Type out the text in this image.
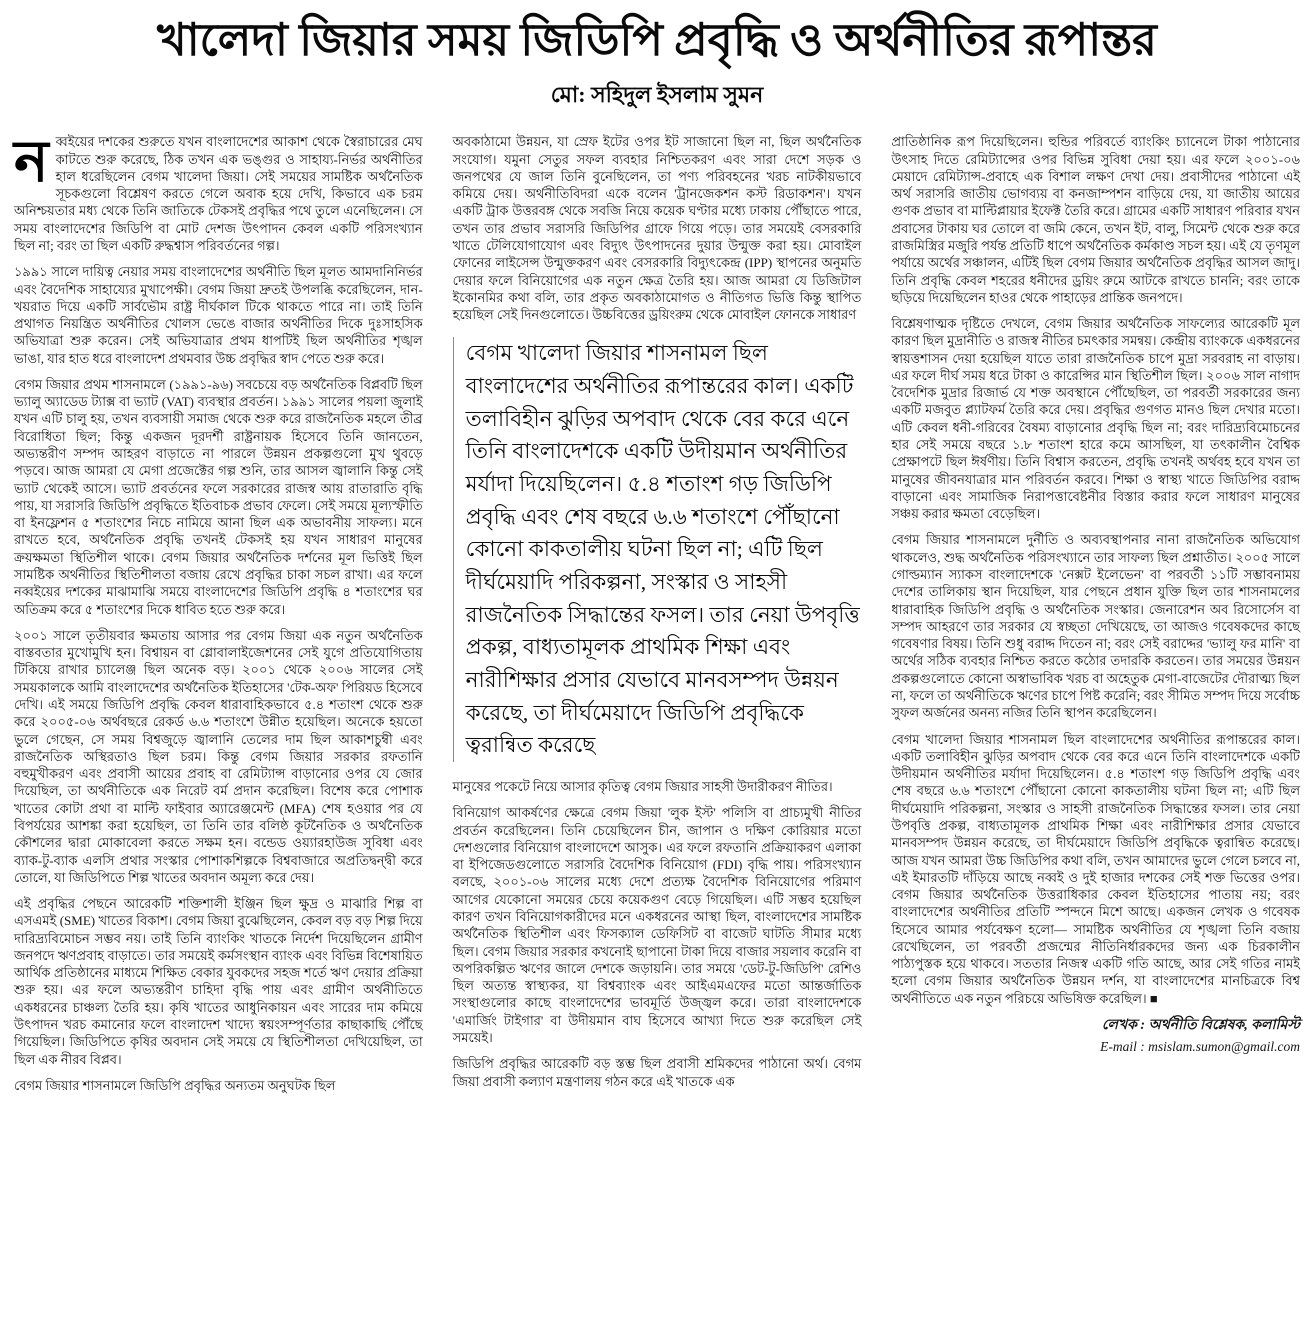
খালেদা জিয়ার সময় জিডিপি প্রবৃদ্ধি ও অর্থনীতির রূপান্তর
মো: সহিদুল ইসলাম সুমন

নব্বইয়ের দশকের শুরুতে যখন বাংলাদেশের আকাশ থেকে স্বৈরাচারের মেঘ কাটতে শুরু করেছে, ঠিক তখন এক ভঙ্গুর ও সাহায্য-নির্ভর অর্থনীতির হাল ধরেছিলেন বেগম খালেদা জিয়া। সেই সময়ের সামষ্টিক অর্থনৈতিক সূচকগুলো বিশ্লেষণ করতে গেলে অবাক হয়ে দেখি, কিভাবে এক চরম অনিশ্চয়তার মধ্য থেকে তিনি জাতিকে টেকসই প্রবৃদ্ধির পথে তুলে এনেছিলেন। সে সময় বাংলাদেশের জিডিপি বা মোট দেশজ উৎপাদন কেবল একটি পরিসংখ্যান ছিল না; বরং তা ছিল একটি রুদ্ধশ্বাস পরিবর্তনের গল্প।

১৯৯১ সালে দায়িত্ব নেয়ার সময় বাংলাদেশের অর্থনীতি ছিল মূলত আমদানিনির্ভর এবং বৈদেশিক সাহায্যের মুখাপেক্ষী। বেগম জিয়া দ্রুতই উপলব্ধি করেছিলেন, দান-খয়রাত দিয়ে একটি সার্বভৌম রাষ্ট্র দীর্ঘকাল টিকে থাকতে পারে না। তাই তিনি প্রথাগত নিয়ন্ত্রিত অর্থনীতির খোলস ভেঙে বাজার অর্থনীতির দিকে দুঃসাহসিক অভিযাত্রা শুরু করেন। সেই অভিযাত্রার প্রথম ধাপটিই ছিল অর্থনীতির শৃঙ্খল ভাঙা, যার হাত ধরে বাংলাদেশ প্রথমবার উচ্চ প্রবৃদ্ধির স্বাদ পেতে শুরু করে।

বেগম জিয়ার প্রথম শাসনামলে (১৯৯১-৯৬) সবচেয়ে বড় অর্থনৈতিক বিপ্লবটি ছিল ভ্যালু অ্যাডেড ট্যাক্স বা ভ্যাট (VAT) ব্যবস্থার প্রবর্তন। ১৯৯১ সালের পয়লা জুলাই যখন এটি চালু হয়, তখন ব্যবসায়ী সমাজ থেকে শুরু করে রাজনৈতিক মহলে তীব্র বিরোধিতা ছিল; কিন্তু একজন দূরদর্শী রাষ্ট্রনায়ক হিসেবে তিনি জানতেন, অভ্যন্তরীণ সম্পদ আহরণ বাড়াতে না পারলে উন্নয়ন প্রকল্পগুলো মুখ থুবড়ে পড়বে। আজ আমরা যে মেগা প্রজেক্টের গল্প শুনি, তার আসল জ্বালানি কিন্তু সেই ভ্যাট থেকেই আসে। ভ্যাট প্রবর্তনের ফলে সরকারের রাজস্ব আয় রাতারাতি বৃদ্ধি পায়, যা সরাসরি জিডিপি প্রবৃদ্ধিতে ইতিবাচক প্রভাব ফেলে। সেই সময়ে মূল্যস্ফীতি বা ইনফ্লেশন ৫ শতাংশের নিচে নামিয়ে আনা ছিল এক অভাবনীয় সাফল্য। মনে রাখতে হবে, অর্থনৈতিক প্রবৃদ্ধি তখনই টেকসই হয় যখন সাধারণ মানুষের ক্রয়ক্ষমতা স্থিতিশীল থাকে। বেগম জিয়ার অর্থনৈতিক দর্শনের মূল ভিত্তিই ছিল সামষ্টিক অর্থনীতির স্থিতিশীলতা বজায় রেখে প্রবৃদ্ধির চাকা সচল রাখা। এর ফলে নব্বইয়ের দশকের মাঝামাঝি সময়ে বাংলাদেশের জিডিপি প্রবৃদ্ধি ৪ শতাংশের ঘর অতিক্রম করে ৫ শতাংশের দিকে ধাবিত হতে শুরু করে।

২০০১ সালে তৃতীয়বার ক্ষমতায় আসার পর বেগম জিয়া এক নতুন অর্থনৈতিক বাস্তবতার মুখোমুখি হন। বিশ্বায়ন বা গ্লোবালাইজেশনের সেই যুগে প্রতিযোগিতায় টিকিয়ে রাখার চ্যালেঞ্জ ছিল অনেক বড়। ২০০১ থেকে ২০০৬ সালের সেই সময়কালকে আমি বাংলাদেশের অর্থনৈতিক ইতিহাসের 'টেক-অফ' পিরিয়ড হিসেবে দেখি। এই সময়ে জিডিপি প্রবৃদ্ধি কেবল ধারাবাহিকভাবে ৫.৪ শতাংশ থেকে শুরু করে ২০০৫-০৬ অর্থবছরে রেকর্ড ৬.৬ শতাংশে উন্নীত হয়েছিল। অনেকে হয়তো ভুলে গেছেন, সে সময় বিশ্বজুড়ে জ্বালানি তেলের দাম ছিল আকাশচুম্বী এবং রাজনৈতিক অস্থিরতাও ছিল চরম। কিন্তু বেগম জিয়ার সরকার রফতানি বহুমুখীকরণ এবং প্রবাসী আয়ের প্রবাহ বা রেমিট্যান্স বাড়ানোর ওপর যে জোর দিয়েছিল, তা অর্থনীতিকে এক নিরেট বর্ম প্রদান করেছিল। বিশেষ করে পোশাক খাতের কোটা প্রথা বা মাল্টি ফাইবার অ্যারেঞ্জমেন্ট (MFA) শেষ হওয়ার পর যে বিপর্যয়ের আশঙ্কা করা হয়েছিল, তা তিনি তার বলিষ্ঠ কূটনৈতিক ও অর্থনৈতিক কৌশলের দ্বারা মোকাবেলা করতে সক্ষম হন। বন্ডেড ওয়্যারহাউজ সুবিধা এবং ব্যাক-টু-ব্যাক এলসি প্রথার সংস্কার পোশাকশিল্পকে বিশ্ববাজারে অপ্রতিদ্বন্দ্বী করে তোলে, যা জিডিপিতে শিল্প খাতের অবদান অমূল্য করে দেয়।

এই প্রবৃদ্ধির পেছনে আরেকটি শক্তিশালী ইঞ্জিন ছিল ক্ষুদ্র ও মাঝারি শিল্প বা এসএমই (SME) খাতের বিকাশ। বেগম জিয়া বুঝেছিলেন, কেবল বড় বড় শিল্প দিয়ে দারিদ্র্যবিমোচন সম্ভব নয়। তাই তিনি ব্যাংকিং খাতকে নির্দেশ দিয়েছিলেন গ্রামীণ জনপদে ঋণপ্রবাহ বাড়াতে। তার সময়েই কর্মসংস্থান ব্যাংক এবং বিভিন্ন বিশেষায়িত আর্থিক প্রতিষ্ঠানের মাধ্যমে শিক্ষিত বেকার যুবকদের সহজ শর্তে ঋণ দেয়ার প্রক্রিয়া শুরু হয়। এর ফলে অভ্যন্তরীণ চাহিদা বৃদ্ধি পায় এবং গ্রামীণ অর্থনীতিতে একধরনের চাঞ্চল্য তৈরি হয়। কৃষি খাতের আধুনিকায়ন এবং সারের দাম কমিয়ে উৎপাদন খরচ কমানোর ফলে বাংলাদেশ খাদ্যে স্বয়ংসম্পূর্ণতার কাছাকাছি পৌঁছে গিয়েছিল। জিডিপিতে কৃষির অবদান সেই সময়ে যে স্থিতিশীলতা দেখিয়েছিল, তা ছিল এক নীরব বিপ্লব।

বেগম জিয়ার শাসনামলে জিডিপি প্রবৃদ্ধির অন্যতম অনুঘটক ছিল

অবকাঠামো উন্নয়ন, যা স্রেফ ইটের ওপর ইট সাজানো ছিল না, ছিল অর্থনৈতিক সংযোগ। যমুনা সেতুর সফল ব্যবহার নিশ্চিতকরণ এবং সারা দেশে সড়ক ও জনপথের যে জাল তিনি বুনেছিলেন, তা পণ্য পরিবহনের খরচ নাটকীয়ভাবে কমিয়ে দেয়। অর্থনীতিবিদরা একে বলেন 'ট্রানজেকশন কস্ট রিডাকশন'। যখন একটি ট্রাক উত্তরবঙ্গ থেকে সবজি নিয়ে কয়েক ঘণ্টার মধ্যে ঢাকায় পৌঁছাতে পারে, তখন তার প্রভাব সরাসরি জিডিপির গ্রাফে গিয়ে পড়ে। তার সময়েই বেসরকারি খাতে টেলিযোগাযোগ এবং বিদ্যুৎ উৎপাদনের দুয়ার উন্মুক্ত করা হয়। মোবাইল ফোনের লাইসেন্স উন্মুক্তকরণ এবং বেসরকারি বিদ্যুৎকেন্দ্র (IPP) স্থাপনের অনুমতি দেয়ার ফলে বিনিয়োগের এক নতুন ক্ষেত্র তৈরি হয়। আজ আমরা যে ডিজিটাল ইকোনমির কথা বলি, তার প্রকৃত অবকাঠামোগত ও নীতিগত ভিত্তি কিন্তু স্থাপিত হয়েছিল সেই দিনগুলোতে। উচ্চবিত্তের ড্রয়িংরুম থেকে মোবাইল ফোনকে সাধারণ

বেগম খালেদা জিয়ার শাসনামল ছিল বাংলাদেশের অর্থনীতির রূপান্তরের কাল। একটি তলাবিহীন ঝুড়ির অপবাদ থেকে বের করে এনে তিনি বাংলাদেশকে একটি উদীয়মান অর্থনীতির মর্যাদা দিয়েছিলেন। ৫.৪ শতাংশ গড় জিডিপি প্রবৃদ্ধি এবং শেষ বছরে ৬.৬ শতাংশে পৌঁছানো কোনো কাকতালীয় ঘটনা ছিল না; এটি ছিল দীর্ঘমেয়াদি পরিকল্পনা, সংস্কার ও সাহসী রাজনৈতিক সিদ্ধান্তের ফসল। তার নেয়া উপবৃত্তি প্রকল্প, বাধ্যতামূলক প্রাথমিক শিক্ষা এবং নারীশিক্ষার প্রসার যেভাবে মানবসম্পদ উন্নয়ন করেছে, তা দীর্ঘমেয়াদে জিডিপি প্রবৃদ্ধিকে ত্বরান্বিত করেছে

মানুষের পকেটে নিয়ে আসার কৃতিত্ব বেগম জিয়ার সাহসী উদারীকরণ নীতির।

বিনিয়োগ আকর্ষণের ক্ষেত্রে বেগম জিয়া 'লুক ইস্ট' পলিসি বা প্রাচ্যমুখী নীতির প্রবর্তন করেছিলেন। তিনি চেয়েছিলেন চীন, জাপান ও দক্ষিণ কোরিয়ার মতো দেশগুলোর বিনিয়োগ বাংলাদেশে আসুক। এর ফলে রফতানি প্রক্রিয়াকরণ এলাকা বা ইপিজেডগুলোতে সরাসরি বৈদেশিক বিনিয়োগ (FDI) বৃদ্ধি পায়। পরিসংখ্যান বলছে, ২০০১-০৬ সালের মধ্যে দেশে প্রত্যক্ষ বৈদেশিক বিনিয়োগের পরিমাণ আগের যেকোনো সময়ের চেয়ে কয়েকগুণ বেড়ে গিয়েছিল। এটি সম্ভব হয়েছিল কারণ তখন বিনিয়োগকারীদের মনে একধরনের আস্থা ছিল, বাংলাদেশের সামষ্টিক অর্থনৈতিক স্থিতিশীল এবং ফিসক্যাল ডেফিসিট বা বাজেট ঘাটতি সীমার মধ্যে ছিল। বেগম জিয়ার সরকার কখনোই ছাপানো টাকা দিয়ে বাজার সয়লাব করেনি বা অপরিকল্পিত ঋণের জালে দেশকে জড়ায়নি। তার সময়ে 'ডেট-টু-জিডিপি' রেশিও ছিল অত্যন্ত স্বাস্থ্যকর, যা বিশ্বব্যাংক এবং আইএমএফের মতো আন্তর্জাতিক সংস্থাগুলোর কাছে বাংলাদেশের ভাবমূর্তি উজ্জ্বল করে। তারা বাংলাদেশকে 'এমার্জিং টাইগার' বা উদীয়মান বাঘ হিসেবে আখ্যা দিতে শুরু করেছিল সেই সময়েই।

জিডিপি প্রবৃদ্ধির আরেকটি বড় স্তম্ভ ছিল প্রবাসী শ্রমিকদের পাঠানো অর্থ। বেগম জিয়া প্রবাসী কল্যাণ মন্ত্রণালয় গঠন করে এই খাতকে এক

প্রাতিষ্ঠানিক রূপ দিয়েছিলেন। হুন্ডির পরিবর্তে ব্যাংকিং চ্যানেলে টাকা পাঠানোর উৎসাহ দিতে রেমিট্যান্সের ওপর বিভিন্ন সুবিধা দেয়া হয়। এর ফলে ২০০১-০৬ মেয়াদে রেমিট্যান্স-প্রবাহে এক বিশাল লক্ষণ দেখা দেয়। প্রবাসীদের পাঠানো এই অর্থ সরাসরি জাতীয় ভোগব্যয় বা কনজাম্পশন বাড়িয়ে দেয়, যা জাতীয় আয়ের গুণক প্রভাব বা মাল্টিপ্লায়ার ইফেক্ট তৈরি করে। গ্রামের একটি সাধারণ পরিবার যখন প্রবাসের টাকায় ঘর তোলে বা জমি কেনে, তখন ইট, বালু, সিমেন্ট থেকে শুরু করে রাজমিস্ত্রির মজুরি পর্যন্ত প্রতিটি ধাপে অর্থনৈতিক কর্মকাণ্ড সচল হয়। এই যে তৃণমূল পর্যায়ে অর্থের সঞ্চালন, এটিই ছিল বেগম জিয়ার অর্থনৈতিক প্রবৃদ্ধির আসল জাদু। তিনি প্রবৃদ্ধি কেবল শহরের ধনীদের ড্রয়িং রুমে আটকে রাখতে চাননি; বরং তাকে ছড়িয়ে দিয়েছিলেন হাওর থেকে পাহাড়ের প্রান্তিক জনপদে।

বিশ্লেষণাত্মক দৃষ্টিতে দেখলে, বেগম জিয়ার অর্থনৈতিক সাফল্যের আরেকটি মূল কারণ ছিল মুদ্রানীতি ও রাজস্ব নীতির চমৎকার সমন্বয়। কেন্দ্রীয় ব্যাংককে একধরনের স্বায়ত্তশাসন দেয়া হয়েছিল যাতে তারা রাজনৈতিক চাপে মুদ্রা সরবরাহ না বাড়ায়। এর ফলে দীর্ঘ সময় ধরে টাকা ও কারেন্সির মান স্থিতিশীল ছিল। ২০০৬ সাল নাগাদ বৈদেশিক মুদ্রার রিজার্ভ যে শক্ত অবস্থানে পৌঁছেছিল, তা পরবর্তী সরকারের জন্য একটি মজবুত প্ল্যাটফর্ম তৈরি করে দেয়। প্রবৃদ্ধির গুণগত মানও ছিল দেখার মতো। এটি কেবল ধনী-গরিবের বৈষম্য বাড়ানোর প্রবৃদ্ধি ছিল না; বরং দারিদ্র্যবিমোচনের হার সেই সময়ে বছরে ১.৮ শতাংশ হারে কমে আসছিল, যা তৎকালীন বৈশ্বিক প্রেক্ষাপটে ছিল ঈর্ষণীয়। তিনি বিশ্বাস করতেন, প্রবৃদ্ধি তখনই অর্থবহ হবে যখন তা মানুষের জীবনযাত্রার মান পরিবর্তন করবে। শিক্ষা ও স্বাস্থ্য খাতে জিডিপির বরাদ্দ বাড়ানো এবং সামাজিক নিরাপত্তাবেষ্টনীর বিস্তার করার ফলে সাধারণ মানুষের সঞ্চয় করার ক্ষমতা বেড়েছিল।

বেগম জিয়ার শাসনামলে দুর্নীতি ও অব্যবস্থাপনার নানা রাজনৈতিক অভিযোগ থাকলেও, শুদ্ধ অর্থনৈতিক পরিসংখ্যানে তার সাফল্য ছিল প্রশ্নাতীত। ২০০৫ সালে গোল্ডম্যান স্যাকস বাংলাদেশকে 'নেক্সট ইলেভেন' বা পরবর্তী ১১টি সম্ভাবনাময় দেশের তালিকায় স্থান দিয়েছিল, যার পেছনে প্রধান যুক্তি ছিল তার শাসনামলের ধারাবাহিক জিডিপি প্রবৃদ্ধি ও অর্থনৈতিক সংস্কার। জেনারেশন অব রিসোর্সেস বা সম্পদ আহরণে তার সরকার যে স্বচ্ছতা দেখিয়েছে, তা আজও গবেষকদের কাছে গবেষণার বিষয়। তিনি শুধু বরাদ্দ দিতেন না; বরং সেই বরাদ্দের 'ভ্যালু ফর মানি' বা অর্থের সঠিক ব্যবহার নিশ্চিত করতে কঠোর তদারকি করতেন। তার সময়ের উন্নয়ন প্রকল্পগুলোতে কোনো অস্বাভাবিক খরচ বা অহেতুক মেগা-বাজেটের দৌরাত্ম্য ছিল না, ফলে তা অর্থনীতিকে ঋণের চাপে পিষ্ট করেনি; বরং সীমিত সম্পদ দিয়ে সর্বোচ্চ সুফল অর্জনের অনন্য নজির তিনি স্থাপন করেছিলেন।

বেগম খালেদা জিয়ার শাসনামল ছিল বাংলাদেশের অর্থনীতির রূপান্তরের কাল। একটি তলাবিহীন ঝুড়ির অপবাদ থেকে বের করে এনে তিনি বাংলাদেশকে একটি উদীয়মান অর্থনীতির মর্যাদা দিয়েছিলেন। ৫.৪ শতাংশ গড় জিডিপি প্রবৃদ্ধি এবং শেষ বছরে ৬.৬ শতাংশে পৌঁছানো কোনো কাকতালীয় ঘটনা ছিল না; এটি ছিল দীর্ঘমেয়াদি পরিকল্পনা, সংস্কার ও সাহসী রাজনৈতিক সিদ্ধান্তের ফসল। তার নেয়া উপবৃত্তি প্রকল্প, বাধ্যতামূলক প্রাথমিক শিক্ষা এবং নারীশিক্ষার প্রসার যেভাবে মানবসম্পদ উন্নয়ন করেছে, তা দীর্ঘমেয়াদে জিডিপি প্রবৃদ্ধিকে ত্বরান্বিত করেছে। আজ যখন আমরা উচ্চ জিডিপির কথা বলি, তখন আমাদের ভুলে গেলে চলবে না, এই ইমারতটি দাঁড়িয়ে আছে নব্বই ও দুই হাজার দশকের সেই শক্ত ভিত্তের ওপর। বেগম জিয়ার অর্থনৈতিক উত্তরাধিকার কেবল ইতিহাসের পাতায় নয়; বরং বাংলাদেশের অর্থনীতির প্রতিটি স্পন্দনে মিশে আছে। একজন লেখক ও গবেষক হিসেবে আমার পর্যবেক্ষণ হলো— সামষ্টিক অর্থনীতির যে শৃঙ্খলা তিনি বজায় রেখেছিলেন, তা পরবর্তী প্রজন্মের নীতিনির্ধারকদের জন্য এক চিরকালীন পাঠ্যপুস্তক হয়ে থাকবে। সততার নিজস্ব একটি গতি আছে, আর সেই গতির নামই হলো বেগম জিয়ার অর্থনৈতিক উন্নয়ন দর্শন, যা বাংলাদেশের মানচিত্রকে বিশ্ব অর্থনীতিতে এক নতুন পরিচয়ে অভিষিক্ত করেছিল। ■

লেখক : অর্থনীতি বিশ্লেষক, কলামিস্ট
E-mail : msislam.sumon@gmail.com
